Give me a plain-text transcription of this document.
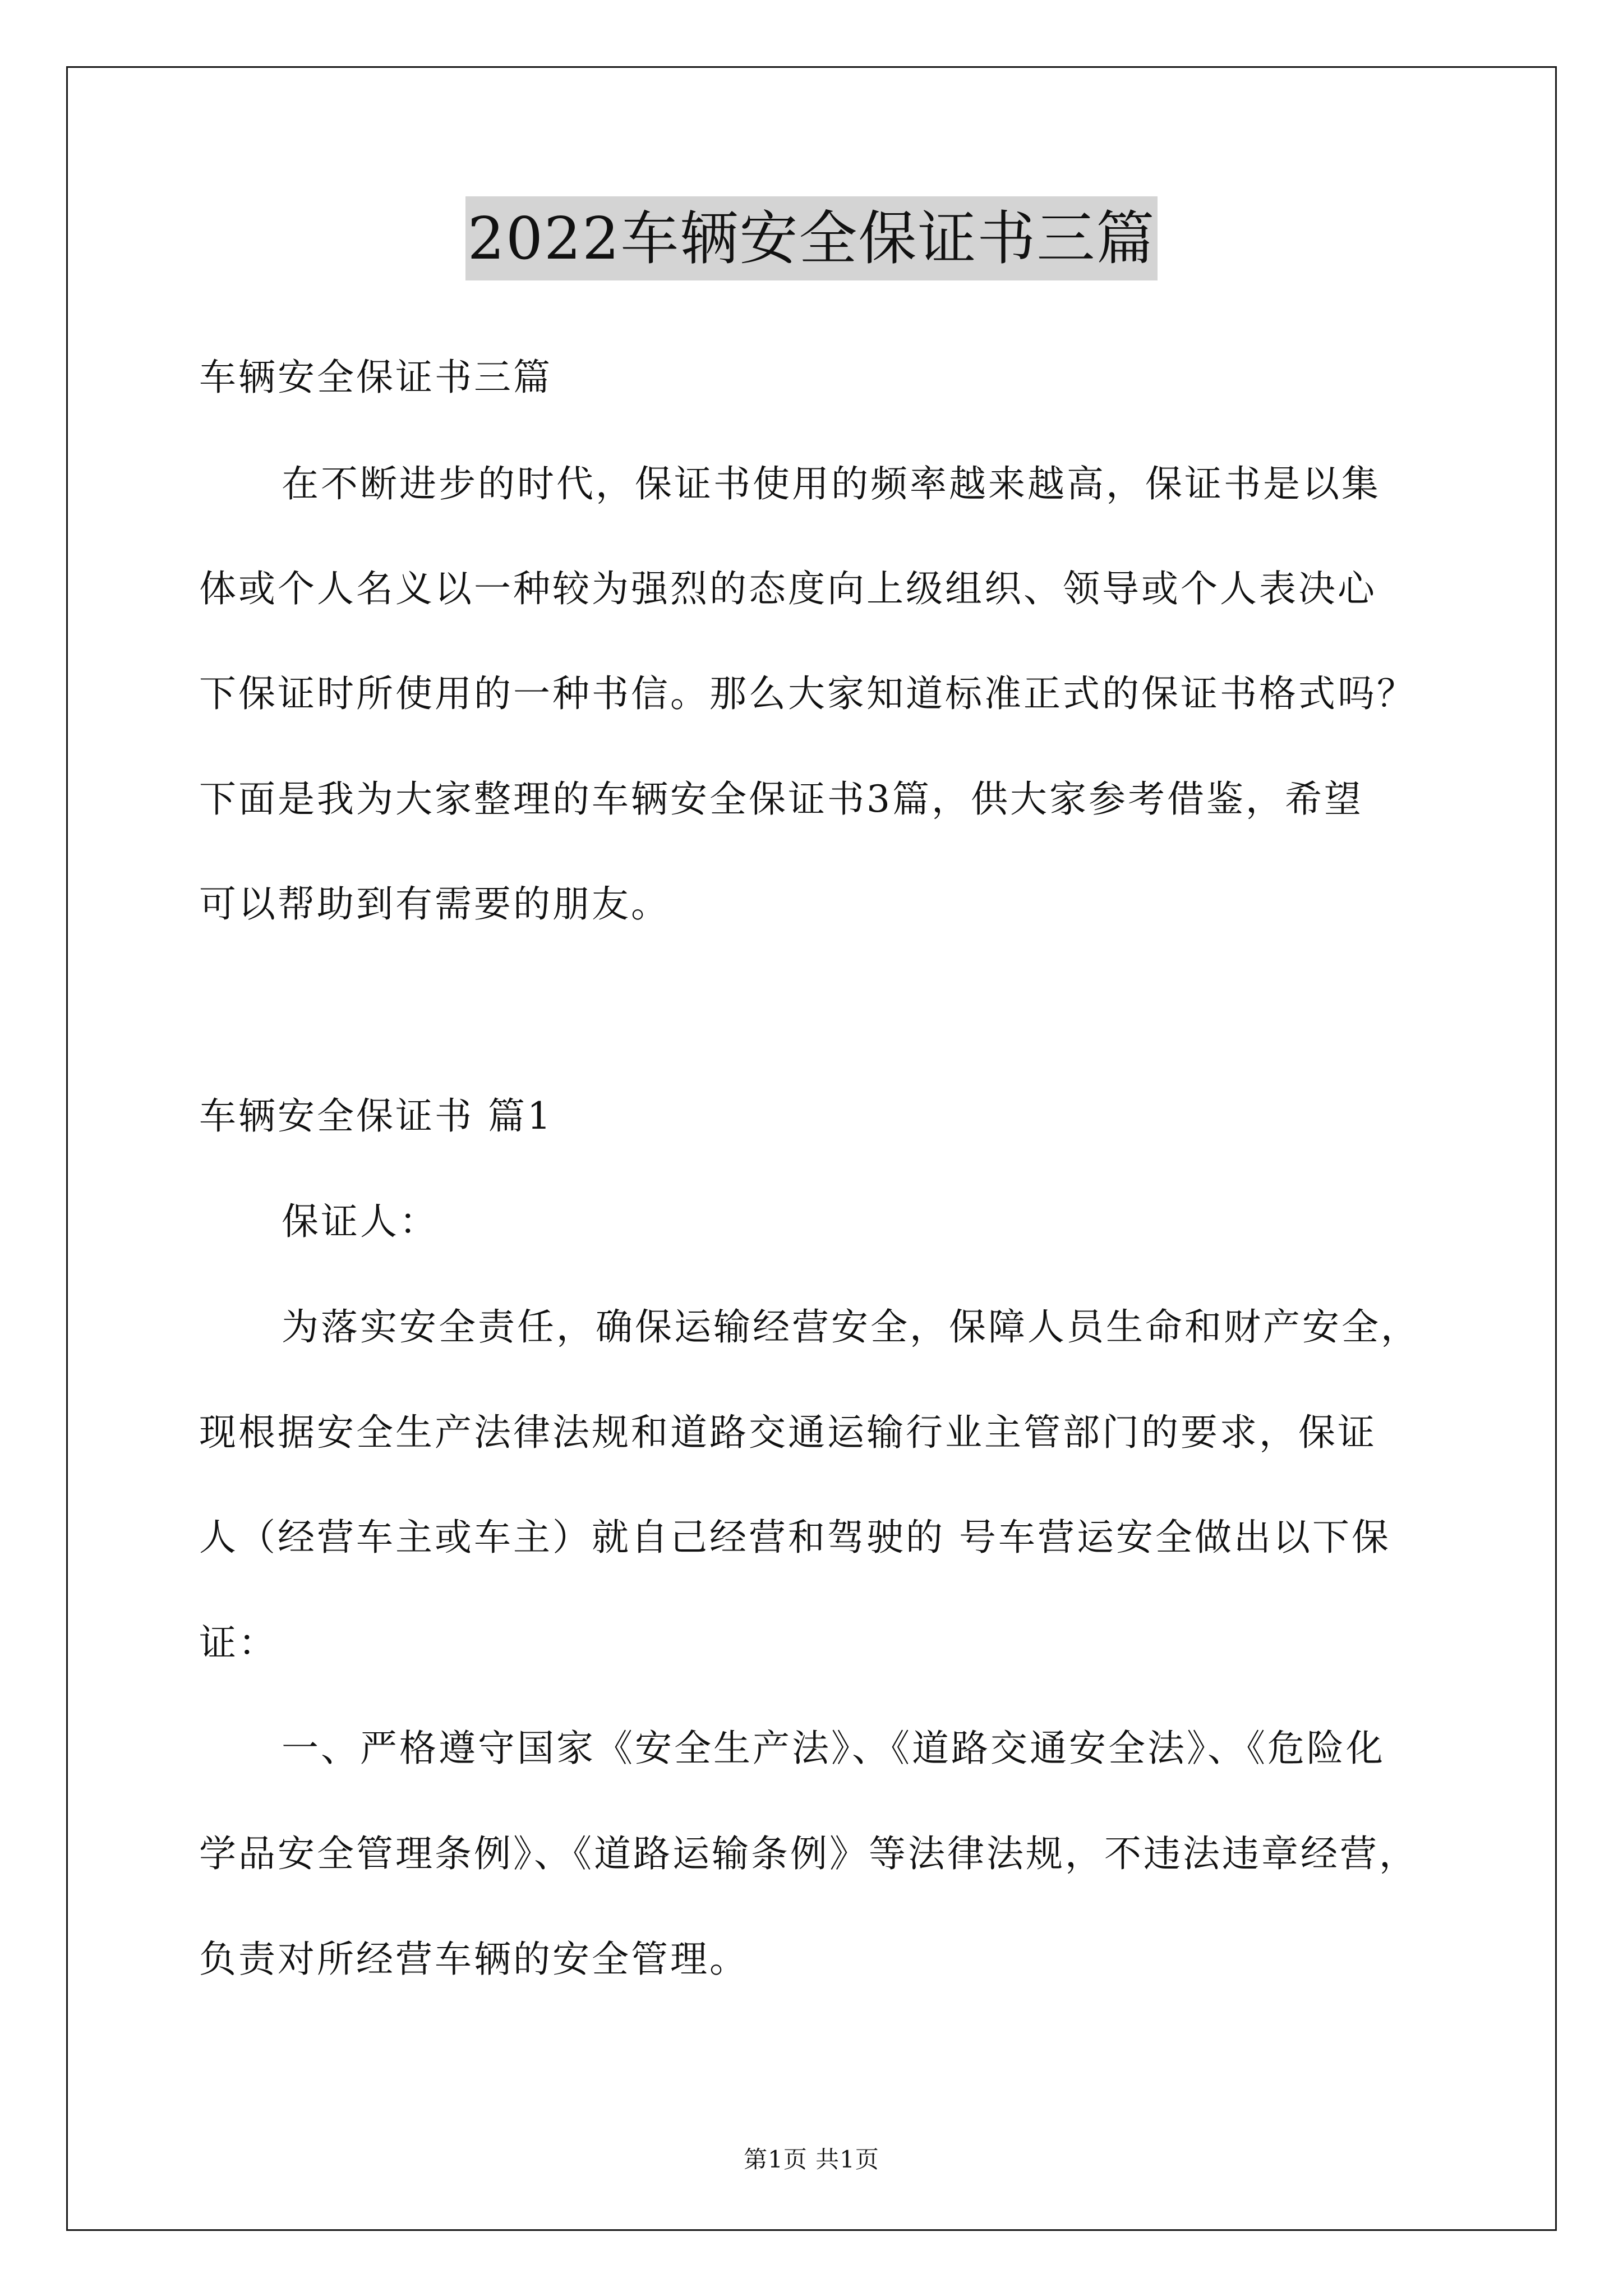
2022车辆安全保证书三篇
车辆安全保证书三篇
在不断进步的时代，保证书使用的频率越来越高，保证书是以集
体或个人名义以一种较为强烈的态度向上级组织、领导或个人表决心
下保证时所使用的一种书信。那么大家知道标准正式的保证书格式吗？
下面是我为大家整理的车辆安全保证书3篇，供大家参考借鉴，希望
可以帮助到有需要的朋友。
车辆安全保证书 篇1
保证人：
为落实安全责任，确保运输经营安全，保障人员生命和财产安全，
现根据安全生产法律法规和道路交通运输行业主管部门的要求，保证
人（经营车主或车主）就自己经营和驾驶的 号车营运安全做出以下保
证：
一、严格遵守国家《安全生产法》、《道路交通安全法》、《危险化
学品安全管理条例》、《道路运输条例》等法律法规，不违法违章经营，
负责对所经营车辆的安全管理。
第1页 共1页
